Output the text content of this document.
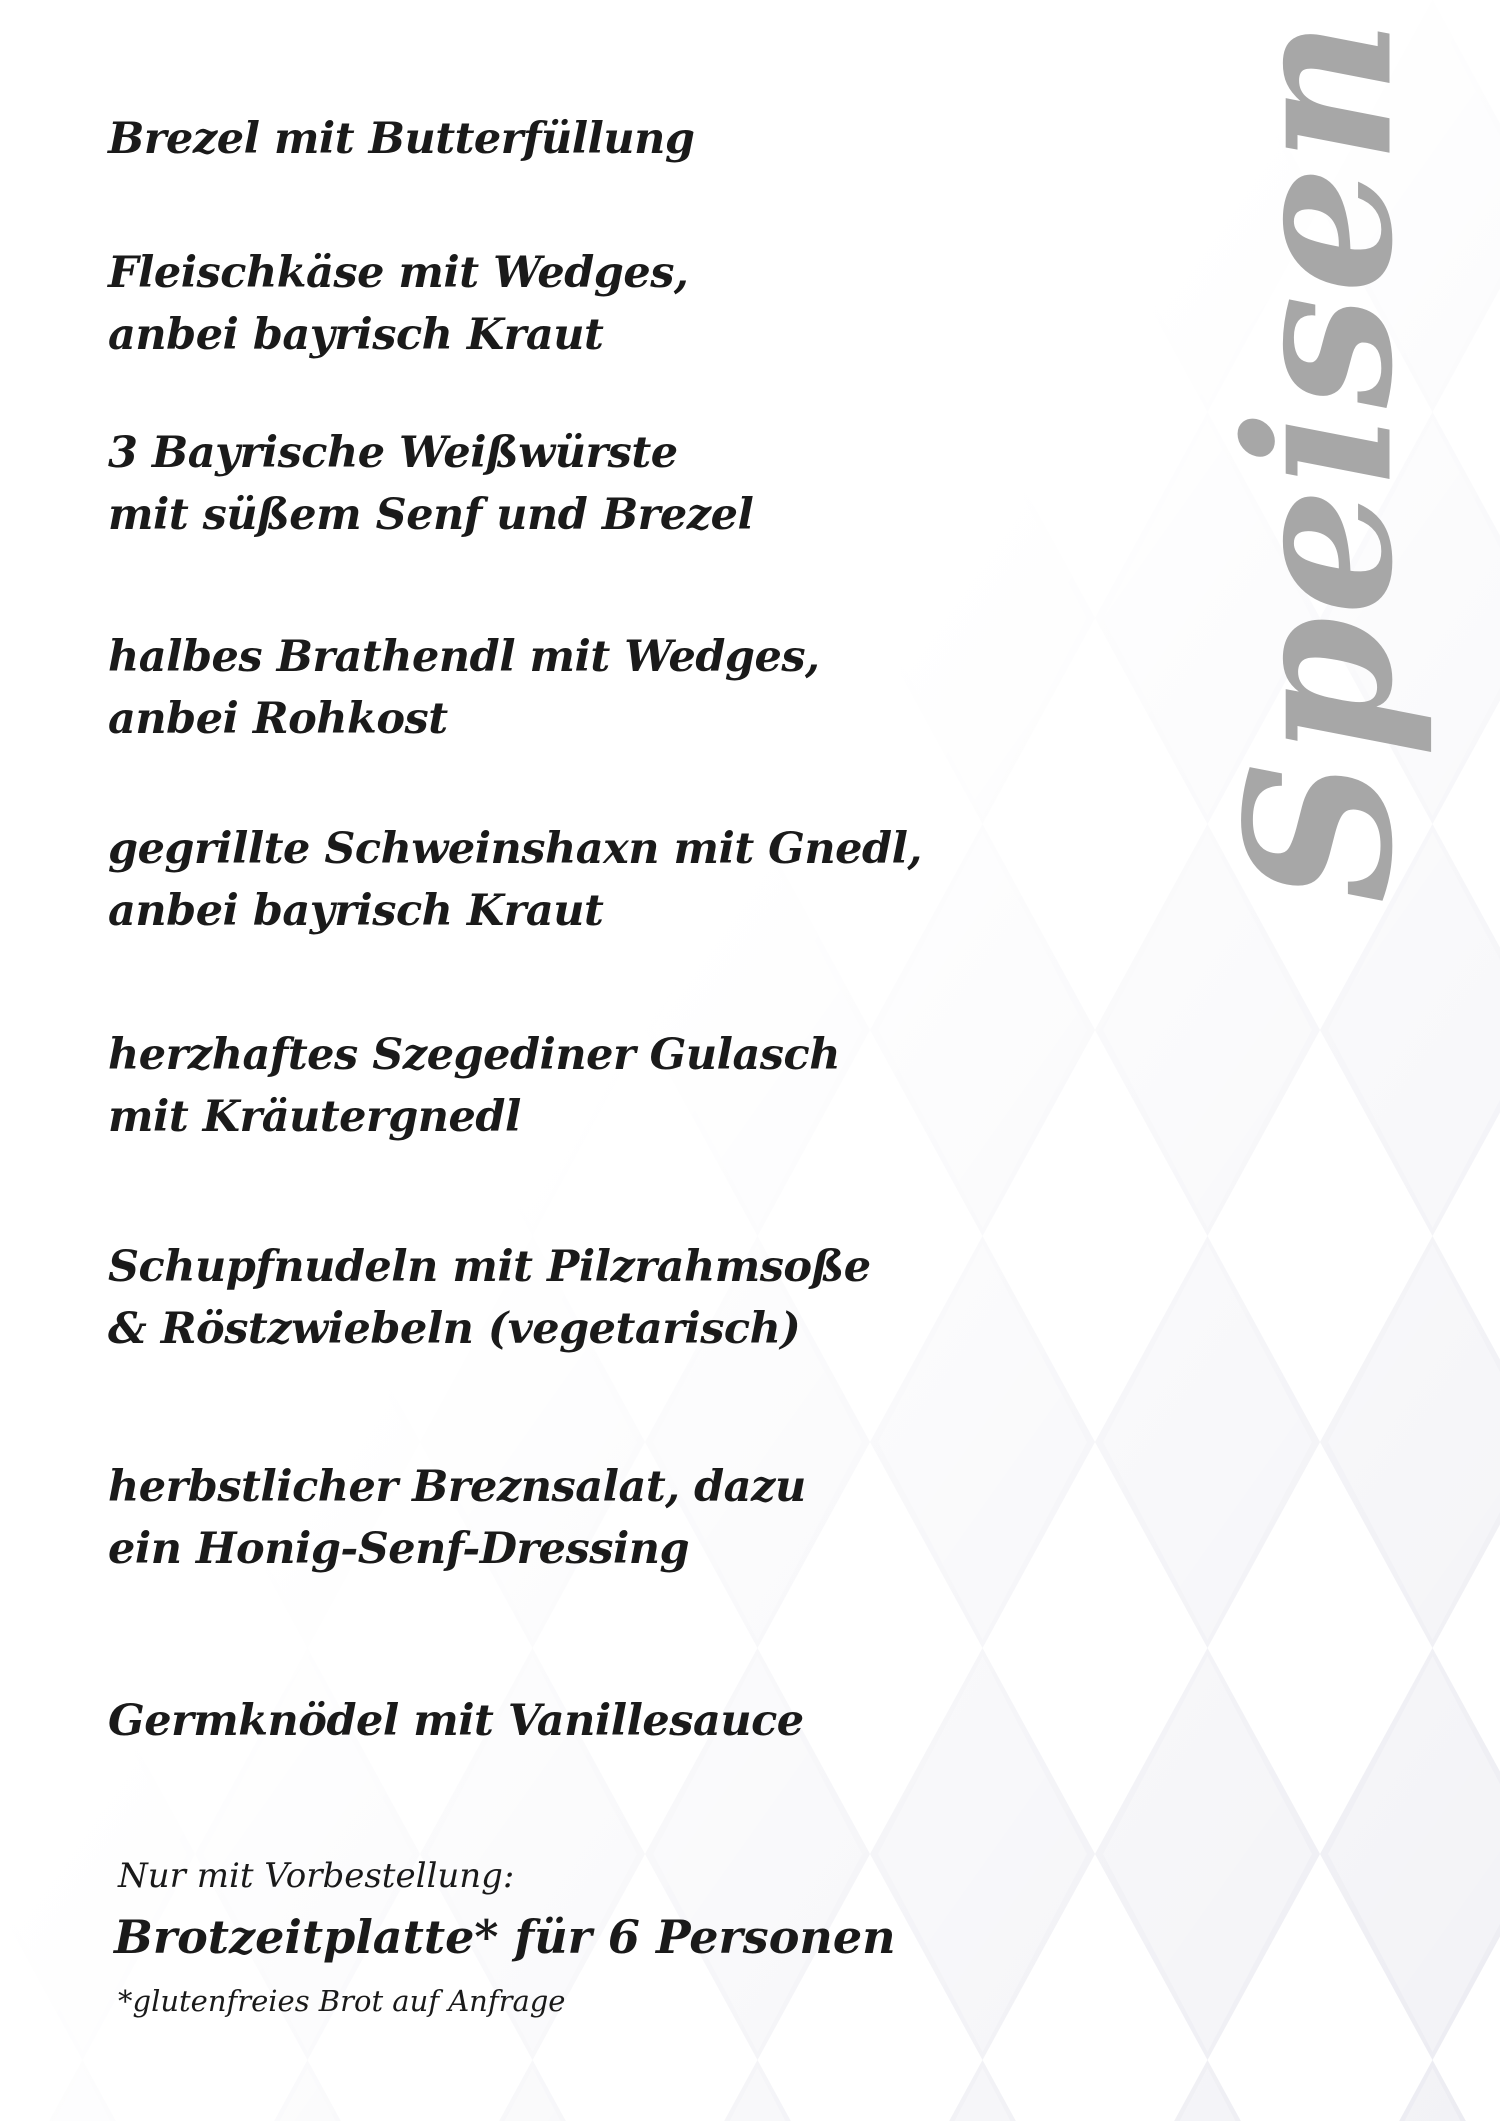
Speisen
Brezel mit Butterfüllung
Fleischkäse mit Wedges,
anbei bayrisch Kraut
3 Bayrische Weißwürste
mit süßem Senf und Brezel
halbes Brathendl mit Wedges,
anbei Rohkost
gegrillte Schweinshaxn mit Gnedl,
anbei bayrisch Kraut
herzhaftes Szegediner Gulasch
mit Kräutergnedl
Schupfnudeln mit Pilzrahmsoße
& Röstzwiebeln (vegetarisch)
herbstlicher Breznsalat, dazu
ein Honig-Senf-Dressing
Germknödel mit Vanillesauce
Nur mit Vorbestellung:
Brotzeitplatte* für 6 Personen
*glutenfreies Brot auf Anfrage
